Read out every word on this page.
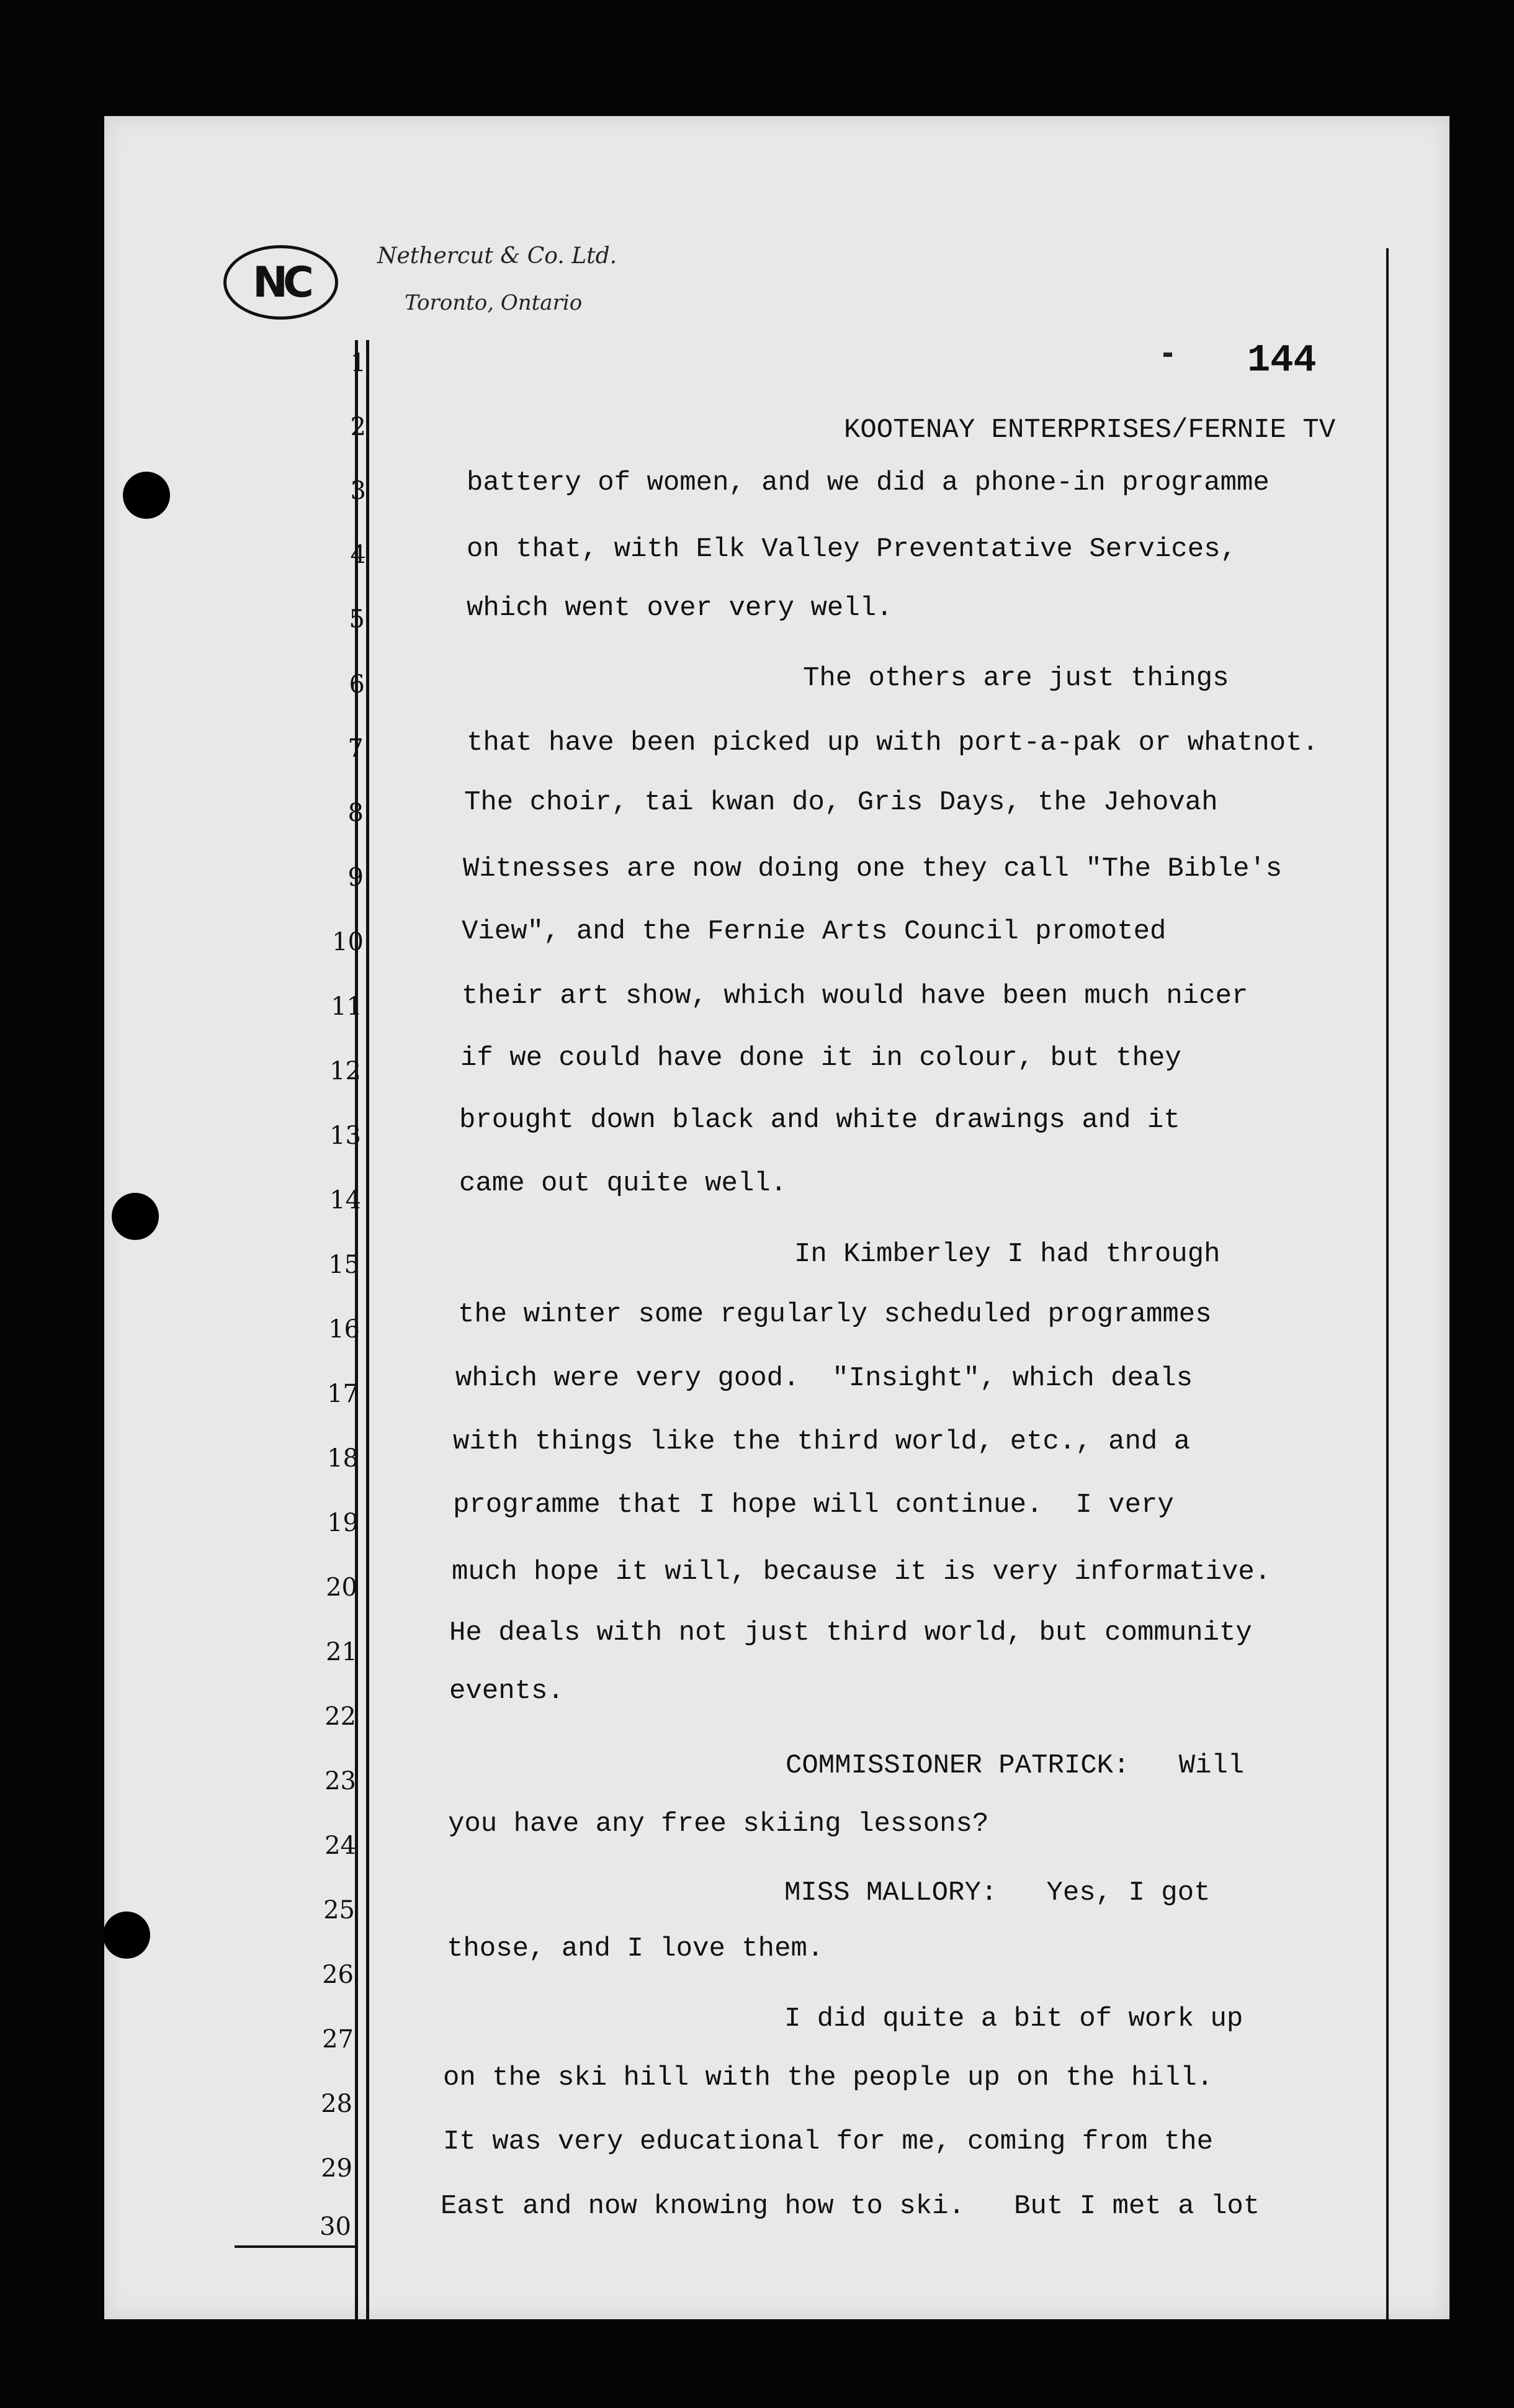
NC
Nethercut & Co. Ltd.
Toronto, Ontario
144
1
2
3
4
5
6
7
8
9
10
11
12
13
14
15
16
17
18
19
20
21
22
23
24
25
26
27
28
29
30
KOOTENAY ENTERPRISES/FERNIE TV
battery of women, and we did a phone-in programme
on that, with Elk Valley Preventative Services,
which went over very well.
The others are just things
that have been picked up with port-a-pak or whatnot.
The choir, tai kwan do, Gris Days, the Jehovah
Witnesses are now doing one they call "The Bible's
View", and the Fernie Arts Council promoted
their art show, which would have been much nicer
if we could have done it in colour, but they
brought down black and white drawings and it
came out quite well.
In Kimberley I had through
the winter some regularly scheduled programmes
which were very good.  "Insight", which deals
with things like the third world, etc., and a
programme that I hope will continue.  I very
much hope it will, because it is very informative.
He deals with not just third world, but community
events.
COMMISSIONER PATRICK:   Will
you have any free skiing lessons?
MISS MALLORY:   Yes, I got
those, and I love them.
I did quite a bit of work up
on the ski hill with the people up on the hill.
It was very educational for me, coming from the
East and now knowing how to ski.   But I met a lot
